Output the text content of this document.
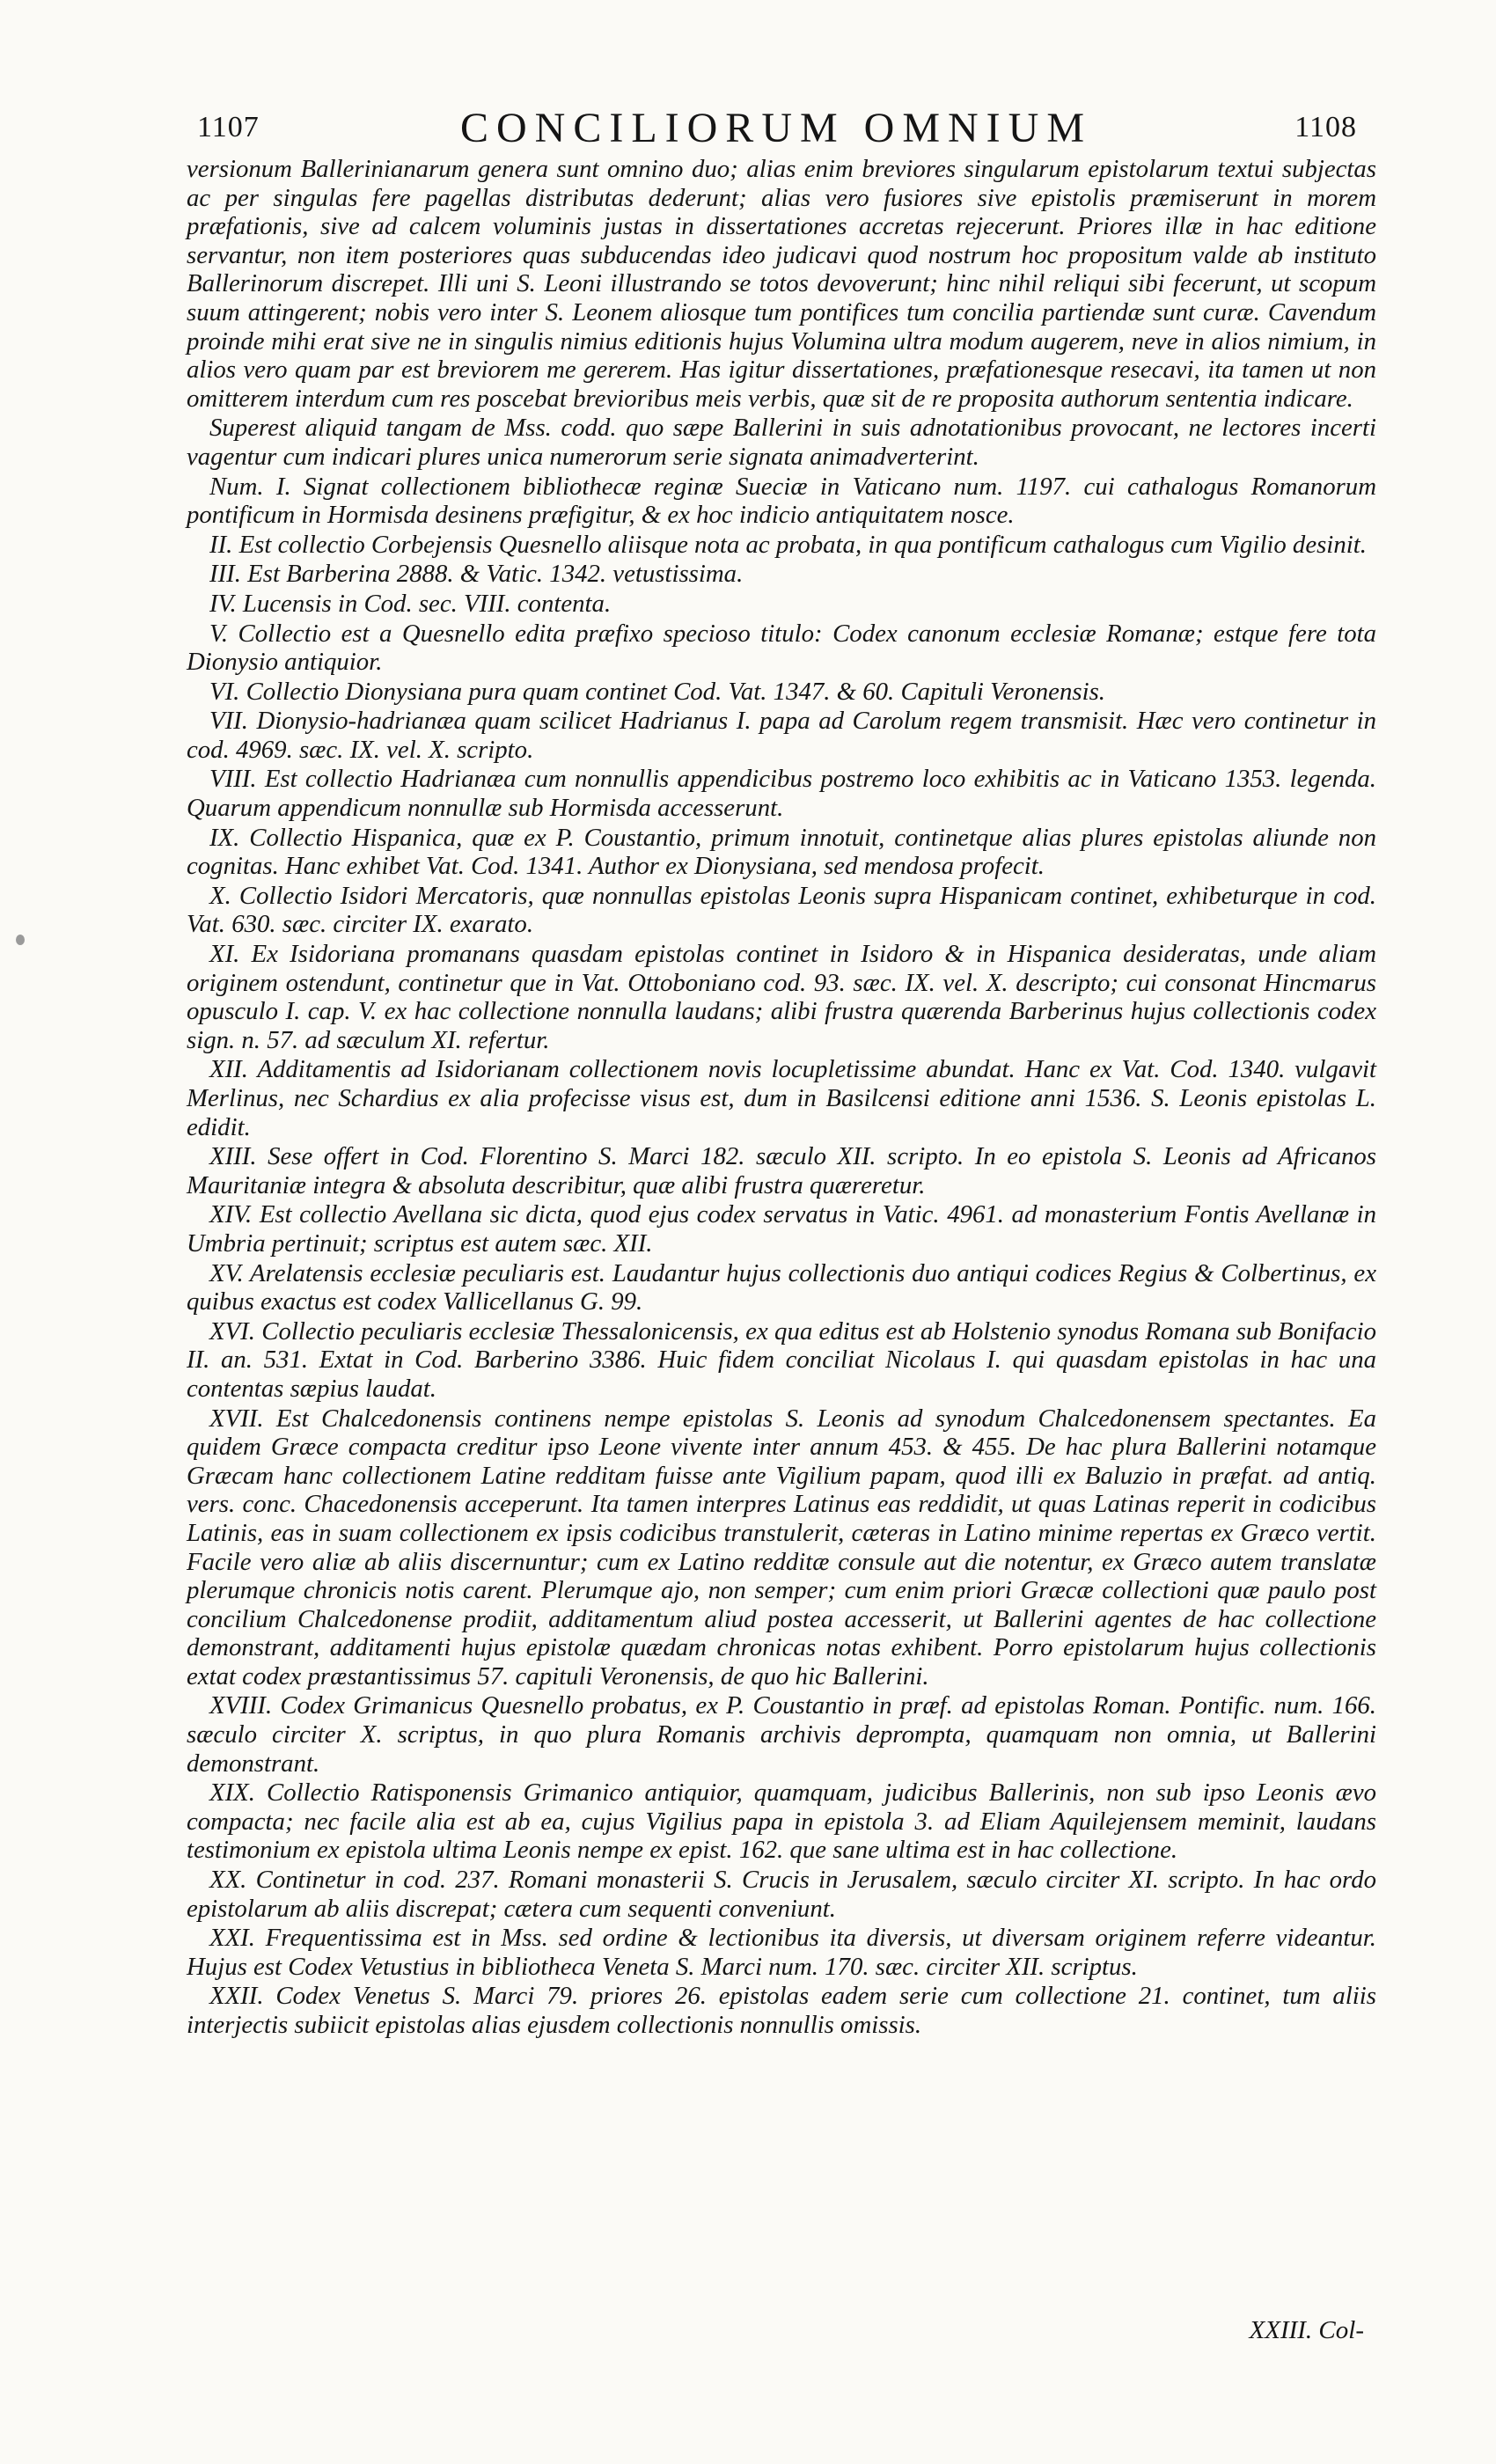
1107	CONCILIORUM OMNIUM	1108

versionum Ballerinianarum genera sunt omnino duo; alias enim breviores singularum epistolarum textui subjectas ac per singulas fere pagellas distributas dederunt; alias vero fusiores sive epistolis præmiserunt in morem præfationis, sive ad calcem voluminis justas in dissertationes accretas rejecerunt. Priores illæ in hac editione servantur, non item posteriores quas subducendas ideo judicavi quod nostrum hoc propositum valde ab instituto Ballerinorum discrepet. Illi uni S. Leoni illustrando se totos devoverunt; hinc nihil reliqui sibi fecerunt, ut scopum suum attingerent; nobis vero inter S. Leonem aliosque tum pontifices tum concilia partiendæ sunt curæ. Cavendum proinde mihi erat sive ne in singulis nimius editionis hujus Volumina ultra modum augerem, neve in alios nimium, in alios vero quam par est breviorem me gererem. Has igitur dissertationes, præfationesque resecavi, ita tamen ut non omitterem interdum cum res poscebat brevioribus meis verbis, quæ sit de re proposita authorum sententia indicare.

Superest aliquid tangam de Mss. codd. quo sæpe Ballerini in suis adnotationibus provocant, ne lectores incerti vagentur cum indicari plures unica numerorum serie signata animadverterint.

Num. I. Signat collectionem bibliothecæ reginæ Sueciæ in Vaticano num. 1197. cui cathalogus Romanorum pontificum in Hormisda desinens præfigitur, & ex hoc indicio antiquitatem nosce.

II. Est collectio Corbejensis Quesnello aliisque nota ac probata, in qua pontificum cathalogus cum Vigilio desinit.

III. Est Barberina 2888. & Vatic. 1342. vetustissima.

IV. Lucensis in Cod. sec. VIII. contenta.

V. Collectio est a Quesnello edita præfixo specioso titulo: Codex canonum ecclesiæ Romanæ; estque fere tota Dionysio antiquior.

VI. Collectio Dionysiana pura quam continet Cod. Vat. 1347. & 60. Capituli Veronensis.

VII. Dionysio-hadrianæa quam scilicet Hadrianus I. papa ad Carolum regem transmisit. Hæc vero continetur in cod. 4969. sæc. IX. vel. X. scripto.

VIII. Est collectio Hadrianæa cum nonnullis appendicibus postremo loco exhibitis ac in Vaticano 1353. legenda. Quarum appendicum nonnullæ sub Hormisda accesserunt.

IX. Collectio Hispanica, quæ ex P. Coustantio, primum innotuit, continetque alias plures epistolas aliunde non cognitas. Hanc exhibet Vat. Cod. 1341. Author ex Dionysiana, sed mendosa profecit.

X. Collectio Isidori Mercatoris, quæ nonnullas epistolas Leonis supra Hispanicam continet, exhibeturque in cod. Vat. 630. sæc. circiter IX. exarato.

XI. Ex Isidoriana promanans quasdam epistolas continet in Isidoro & in Hispanica desideratas, unde aliam originem ostendunt, continetur que in Vat. Ottoboniano cod. 93. sæc. IX. vel. X. descripto; cui consonat Hincmarus opusculo I. cap. V. ex hac collectione nonnulla laudans; alibi frustra quærenda Barberinus hujus collectionis codex sign. n. 57. ad sæculum XI. refertur.

XII. Additamentis ad Isidorianam collectionem novis locupletissime abundat. Hanc ex Vat. Cod. 1340. vulgavit Merlinus, nec Schardius ex alia profecisse visus est, dum in Basilcensi editione anni 1536. S. Leonis epistolas L. edidit.

XIII. Sese offert in Cod. Florentino S. Marci 182. sæculo XII. scripto. In eo epistola S. Leonis ad Africanos Mauritaniæ integra & absoluta describitur, quæ alibi frustra quæreretur.

XIV. Est collectio Avellana sic dicta, quod ejus codex servatus in Vatic. 4961. ad monasterium Fontis Avellanæ in Umbria pertinuit; scriptus est autem sæc. XII.

XV. Arelatensis ecclesiæ peculiaris est. Laudantur hujus collectionis duo antiqui codices Regius & Colbertinus, ex quibus exactus est codex Vallicellanus G. 99.

XVI. Collectio peculiaris ecclesiæ Thessalonicensis, ex qua editus est ab Holstenio synodus Romana sub Bonifacio II. an. 531. Extat in Cod. Barberino 3386. Huic fidem conciliat Nicolaus I. qui quasdam epistolas in hac una contentas sæpius laudat.

XVII. Est Chalcedonensis continens nempe epistolas S. Leonis ad synodum Chalcedonensem spectantes. Ea quidem Græce compacta creditur ipso Leone vivente inter annum 453. & 455. De hac plura Ballerini notamque Græcam hanc collectionem Latine redditam fuisse ante Vigilium papam, quod illi ex Baluzio in præfat. ad antiq. vers. conc. Chacedonensis acceperunt. Ita tamen interpres Latinus eas reddidit, ut quas Latinas reperit in codicibus Latinis, eas in suam collectionem ex ipsis codicibus transtulerit, cæteras in Latino minime repertas ex Græco vertit. Facile vero aliæ ab aliis discernuntur; cum ex Latino redditæ consule aut die notentur, ex Græco autem translatæ plerumque chronicis notis carent. Plerumque ajo, non semper; cum enim priori Græcæ collectioni quæ paulo post concilium Chalcedonense prodiit, additamentum aliud postea accesserit, ut Ballerini agentes de hac collectione demonstrant, additamenti hujus epistolæ quædam chronicas notas exhibent. Porro epistolarum hujus collectionis extat codex præstantissimus 57. capituli Veronensis, de quo hic Ballerini.

XVIII. Codex Grimanicus Quesnello probatus, ex P. Coustantio in præf. ad epistolas Roman. Pontific. num. 166. sæculo circiter X. scriptus, in quo plura Romanis archivis deprompta, quamquam non omnia, ut Ballerini demonstrant.

XIX. Collectio Ratisponensis Grimanico antiquior, quamquam, judicibus Ballerinis, non sub ipso Leonis ævo compacta; nec facile alia est ab ea, cujus Vigilius papa in epistola 3. ad Eliam Aquilejensem meminit, laudans testimonium ex epistola ultima Leonis nempe ex epist. 162. que sane ultima est in hac collectione.

XX. Continetur in cod. 237. Romani monasterii S. Crucis in Jerusalem, sæculo circiter XI. scripto. In hac ordo epistolarum ab aliis discrepat; cætera cum sequenti conveniunt.

XXI. Frequentissima est in Mss. sed ordine & lectionibus ita diversis, ut diversam originem referre videantur. Hujus est Codex Vetustius in bibliotheca Veneta S. Marci num. 170. sæc. circiter XII. scriptus.

XXII. Codex Venetus S. Marci 79. priores 26. epistolas eadem serie cum collectione 21. continet, tum aliis interjectis subiicit epistolas alias ejusdem collectionis nonnullis omissis.

XXIII. Col-
